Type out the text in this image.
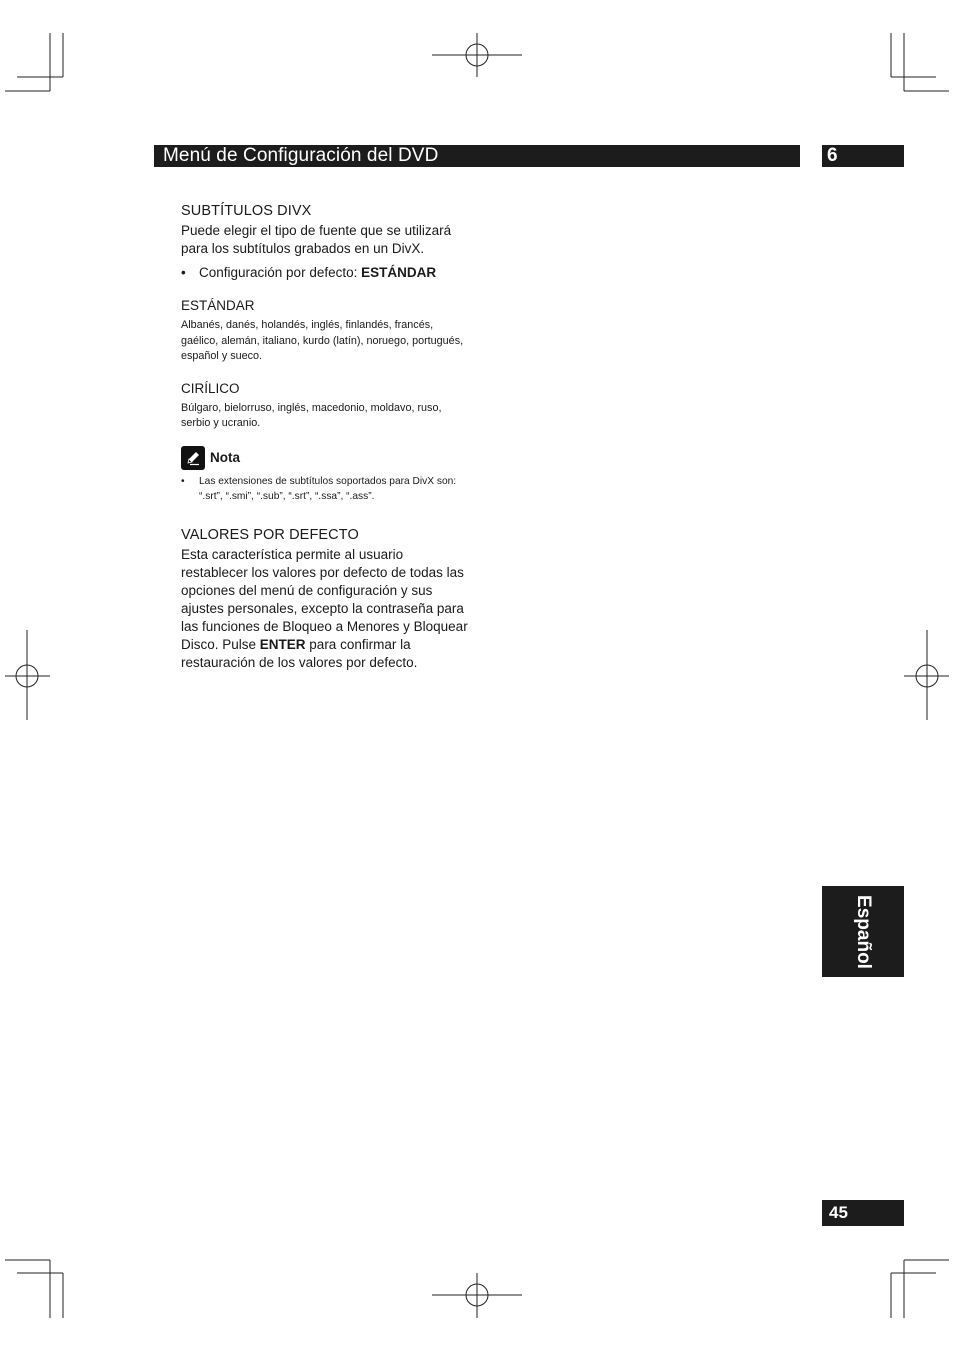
Menú de Configuración del DVD	6
SUBTÍTULOS DIVX

Puede elegir el tipo de fuente que se utilizará para los subtítulos grabados en un DivX.

• Configuración por defecto: ESTÁNDAR

ESTÁNDAR

Albanés, danés, holandés, inglés, finlandés, francés, gaélico, alemán, italiano, kurdo (latín), noruego, portugués, español y sueco.

CIRÍLICO

Búlgaro, bielorruso, inglés, macedonio, moldavo, ruso, serbio y ucranio.

Nota

• Las extensiones de subtítulos soportados para DivX son: “.srt”, “.smi”, “.sub”, “.srt”, “.ssa”, “.ass”.

VALORES POR DEFECTO

Esta característica permite al usuario restablecer los valores por defecto de todas las opciones del menú de configuración y sus ajustes personales, excepto la contraseña para las funciones de Bloqueo a Menores y Bloquear Disco. Pulse ENTER para confirmar la restauración de los valores por defecto.

Español
45
